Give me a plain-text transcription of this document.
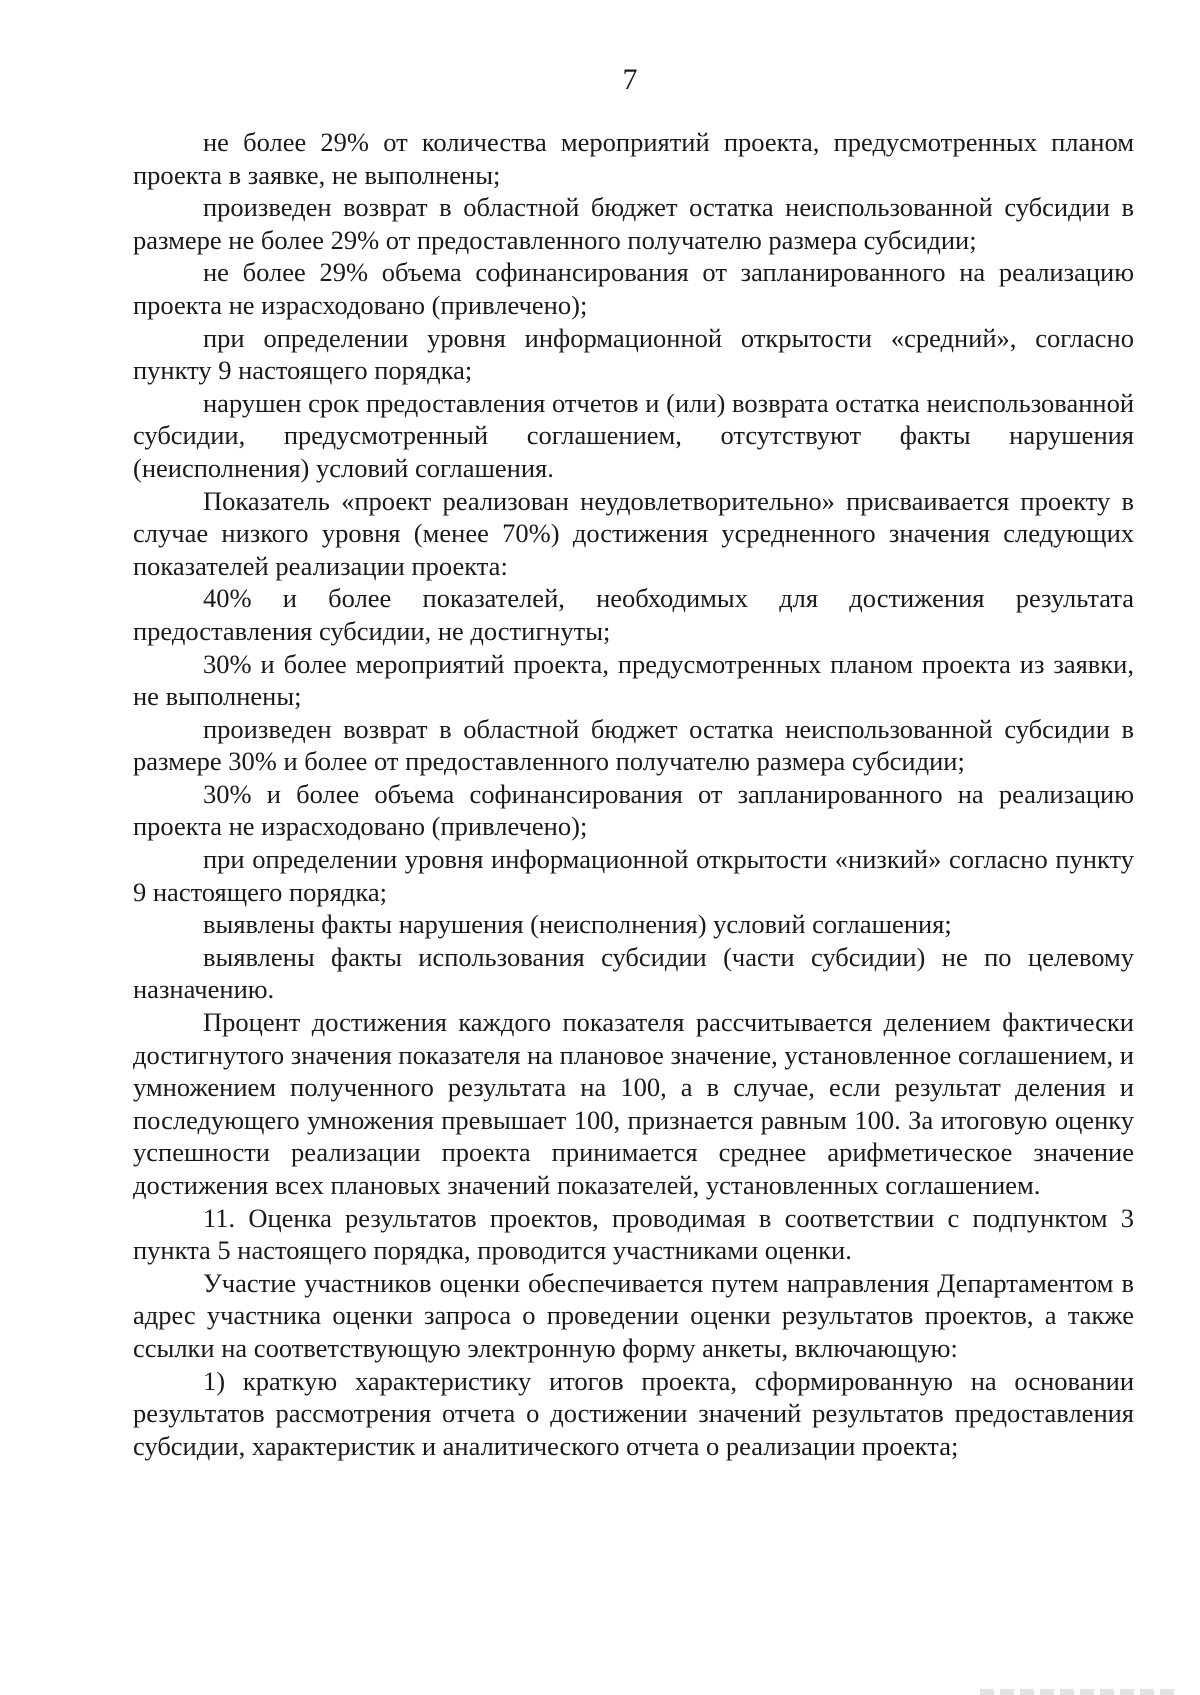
7

не более 29% от количества мероприятий проекта, предусмотренных планом проекта в заявке, не выполнены;

произведен возврат в областной бюджет остатка неиспользованной субсидии в размере не более 29% от предоставленного получателю размера субсидии;

не более 29% объема софинансирования от запланированного на реализацию проекта не израсходовано (привлечено);

при определении уровня информационной открытости «средний», согласно пункту 9 настоящего порядка;

нарушен срок предоставления отчетов и (или) возврата остатка неиспользованной субсидии, предусмотренный соглашением, отсутствуют факты нарушения (неисполнения) условий соглашения.

Показатель «проект реализован неудовлетворительно» присваивается проекту в случае низкого уровня (менее 70%) достижения усредненного значения следующих показателей реализации проекта:

40% и более показателей, необходимых для достижения результата предоставления субсидии, не достигнуты;

30% и более мероприятий проекта, предусмотренных планом проекта из заявки, не выполнены;

произведен возврат в областной бюджет остатка неиспользованной субсидии в размере 30% и более от предоставленного получателю размера субсидии;

30% и более объема софинансирования от запланированного на реализацию проекта не израсходовано (привлечено);

при определении уровня информационной открытости «низкий» согласно пункту 9 настоящего порядка;

выявлены факты нарушения (неисполнения) условий соглашения;

выявлены факты использования субсидии (части субсидии) не по целевому назначению.

Процент достижения каждого показателя рассчитывается делением фактически достигнутого значения показателя на плановое значение, установленное соглашением, и умножением полученного результата на 100, а в случае, если результат деления и последующего умножения превышает 100, признается равным 100. За итоговую оценку успешности реализации проекта принимается среднее арифметическое значение достижения всех плановых значений показателей, установленных соглашением.

11. Оценка результатов проектов, проводимая в соответствии с подпунктом 3 пункта 5 настоящего порядка, проводится участниками оценки.

Участие участников оценки обеспечивается путем направления Департаментом в адрес участника оценки запроса о проведении оценки результатов проектов, а также ссылки на соответствующую электронную форму анкеты, включающую:

1) краткую характеристику итогов проекта, сформированную на основании результатов рассмотрения отчета о достижении значений результатов предоставления субсидии, характеристик и аналитического отчета о реализации проекта;
